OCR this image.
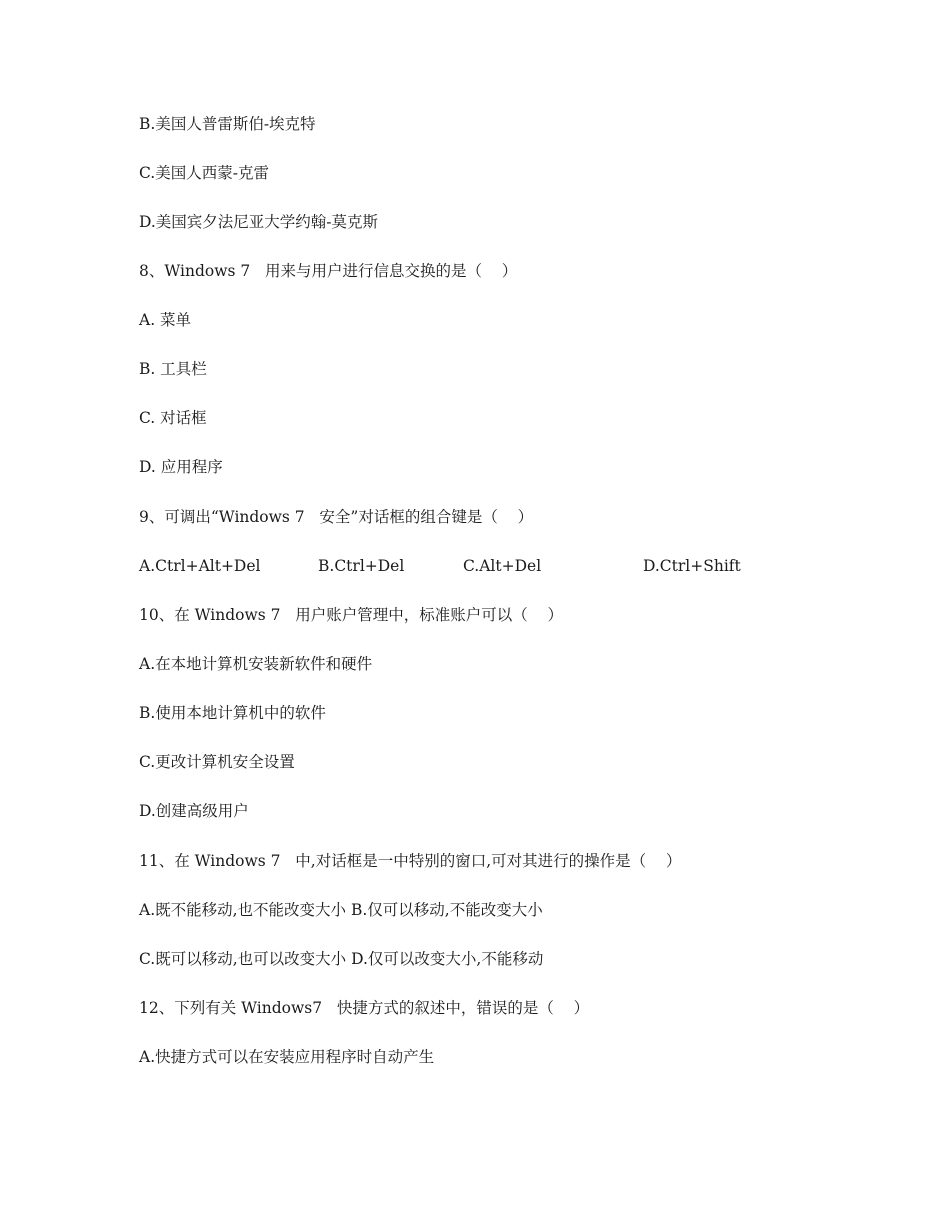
B.美国人普雷斯伯-埃克特
C.美国人西蒙-克雷
D.美国宾夕法尼亚大学约翰-莫克斯
8、Windows 7   用来与用户进行信息交换的是（    ）
A. 菜单
B. 工具栏
C. 对话框
D. 应用程序
9、可调出“Windows 7   安全”对话框的组合键是（    ）

A.Ctrl+Alt+Del

	B.Ctrl+Del

	C.Alt+Del

	D.Ctrl+Shift

10、在 Windows 7   用户账户管理中，标准账户可以（    ）
A.在本地计算机安装新软件和硬件
B.使用本地计算机中的软件
C.更改计算机安全设置
D.创建高级用户
11、在 Windows 7   中,对话框是一中特别的窗口,可对其进行的操作是（    ）
A.既不能移动,也不能改变大小 B.仅可以移动,不能改变大小
C.既可以移动,也可以改变大小 D.仅可以改变大小,不能移动
12、下列有关 Windows7   快捷方式的叙述中，错误的是（    ）
A.快捷方式可以在安装应用程序时自动产生
